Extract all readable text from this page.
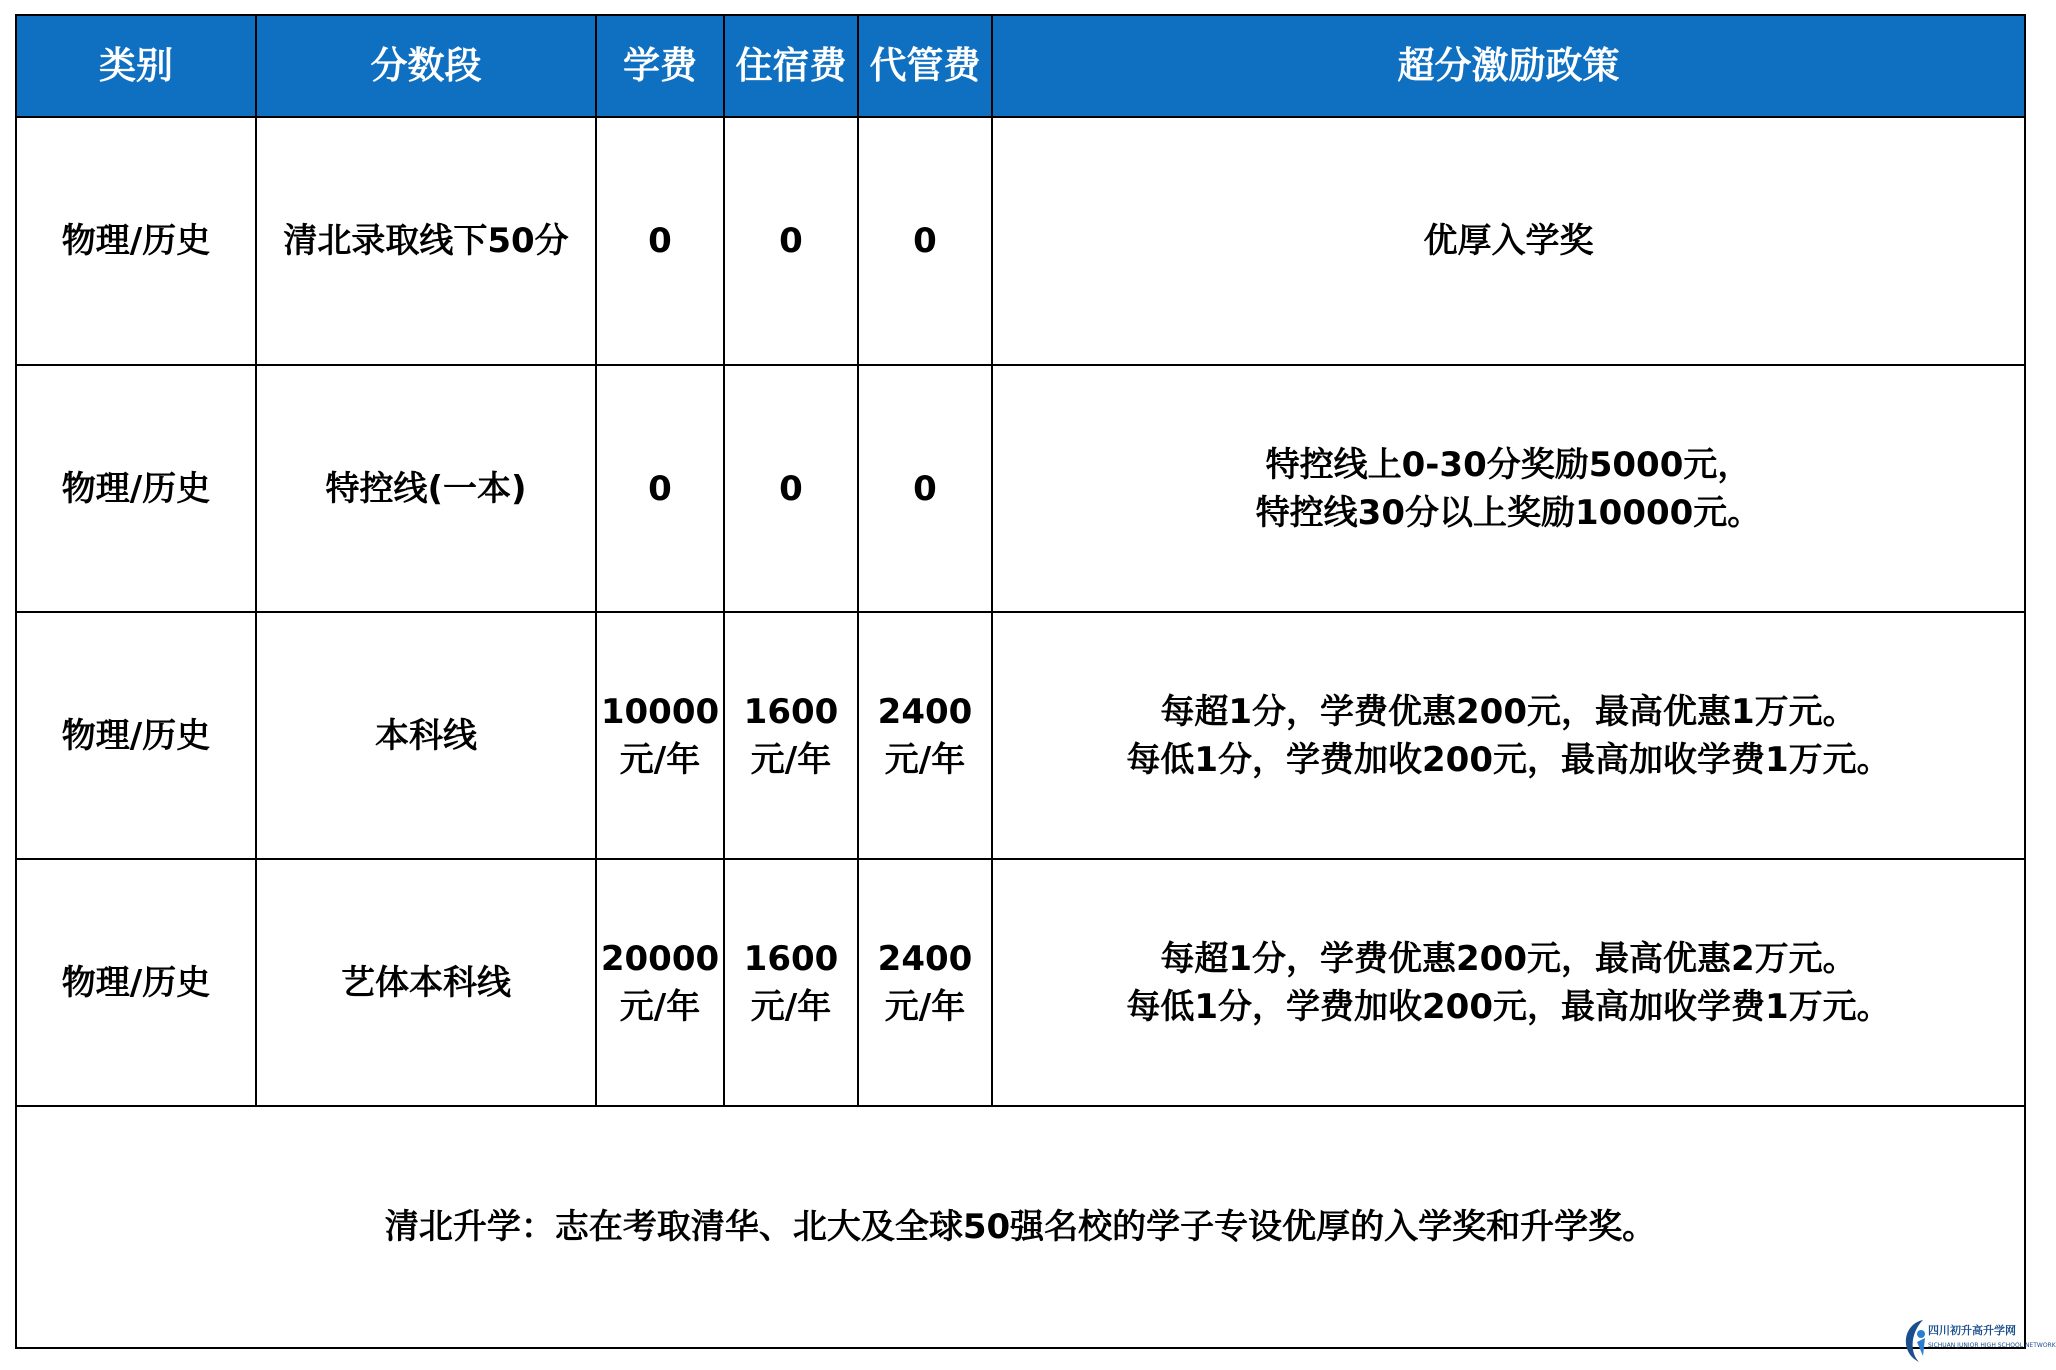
类别	分数段	学费	住宿费	代管费	超分激励政策
物理/历史	清北录取线下50分	0	0	0	优厚入学奖

物理/历史	特控线(一本)	0	0	0	特控线上0-30分奖励5000元，
特控线30分以上奖励10000元。

物理/历史	本科线	10000
元/年	1600
元/年	2400
元/年	每超1分，学费优惠200元，最高优惠1万元。
每低1分，学费加收200元，最高加收学费1万元。

物理/历史	艺体本科线	20000
元/年	1600
元/年	2400
元/年	每超1分，学费优惠200元，最高优惠2万元。
每低1分，学费加收200元，最高加收学费1万元。

清北升学：志在考取清华、北大及全球50强名校的学子专设优厚的入学奖和升学奖。					
四川初升高升学网
SICHUAN JUNIOR HIGH SCHOOL NETWORK
